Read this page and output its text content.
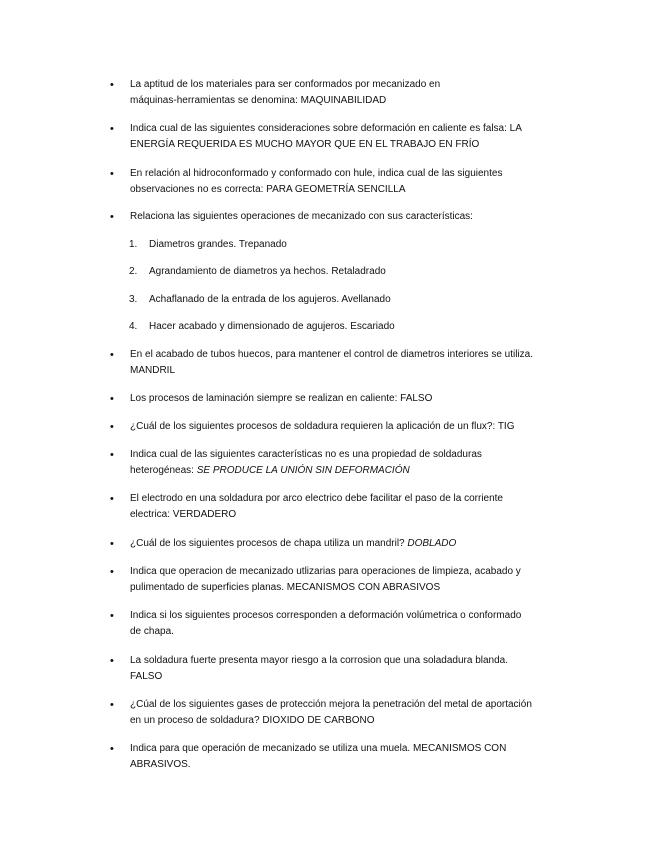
• La aptitud de los materiales para ser conformados por mecanizado en
máquinas-herramientas se denomina: MAQUINABILIDAD
• Indica cual de las siguientes consideraciones sobre deformación en caliente es falsa: LA
ENERGÍA REQUERIDA ES MUCHO MAYOR QUE EN EL TRABAJO EN FRÍO
• En relación al hidroconformado y conformado con hule, indica cual de las siguientes
observaciones no es correcta: PARA GEOMETRÍA SENCILLA
• Relaciona las siguientes operaciones de mecanizado con sus características:
1. Diametros grandes. Trepanado
2. Agrandamiento de diametros ya hechos. Retaladrado
3. Achaflanado de la entrada de los agujeros. Avellanado
4. Hacer acabado y dimensionado de agujeros. Escariado
• En el acabado de tubos huecos, para mantener el control de diametros interiores se utiliza.
MANDRIL
• Los procesos de laminación siempre se realizan en caliente: FALSO
• ¿Cuál de los siguientes procesos de soldadura requieren la aplicación de un flux?: TIG
• Indica cual de las siguientes características no es una propiedad de soldaduras
heterogéneas: SE PRODUCE LA UNIÓN SIN DEFORMACIÓN
• El electrodo en una soldadura por arco electrico debe facilitar el paso de la corriente
electrica: VERDADERO
• ¿Cuál de los siguientes procesos de chapa utiliza un mandril? DOBLADO
• Indica que operacion de mecanizado utlizarias para operaciones de limpieza, acabado y
pulimentado de superficies planas. MECANISMOS CON ABRASIVOS
• Indica si los siguientes procesos corresponden a deformación volúmetrica o conformado
de chapa.
• La soldadura fuerte presenta mayor riesgo a la corrosion que una soladadura blanda.
FALSO
• ¿Cúal de los siguientes gases de protección mejora la penetración del metal de aportación
en un proceso de soldadura? DIOXIDO DE CARBONO
• Indica para que operación de mecanizado se utiliza una muela. MECANISMOS CON
ABRASIVOS.
